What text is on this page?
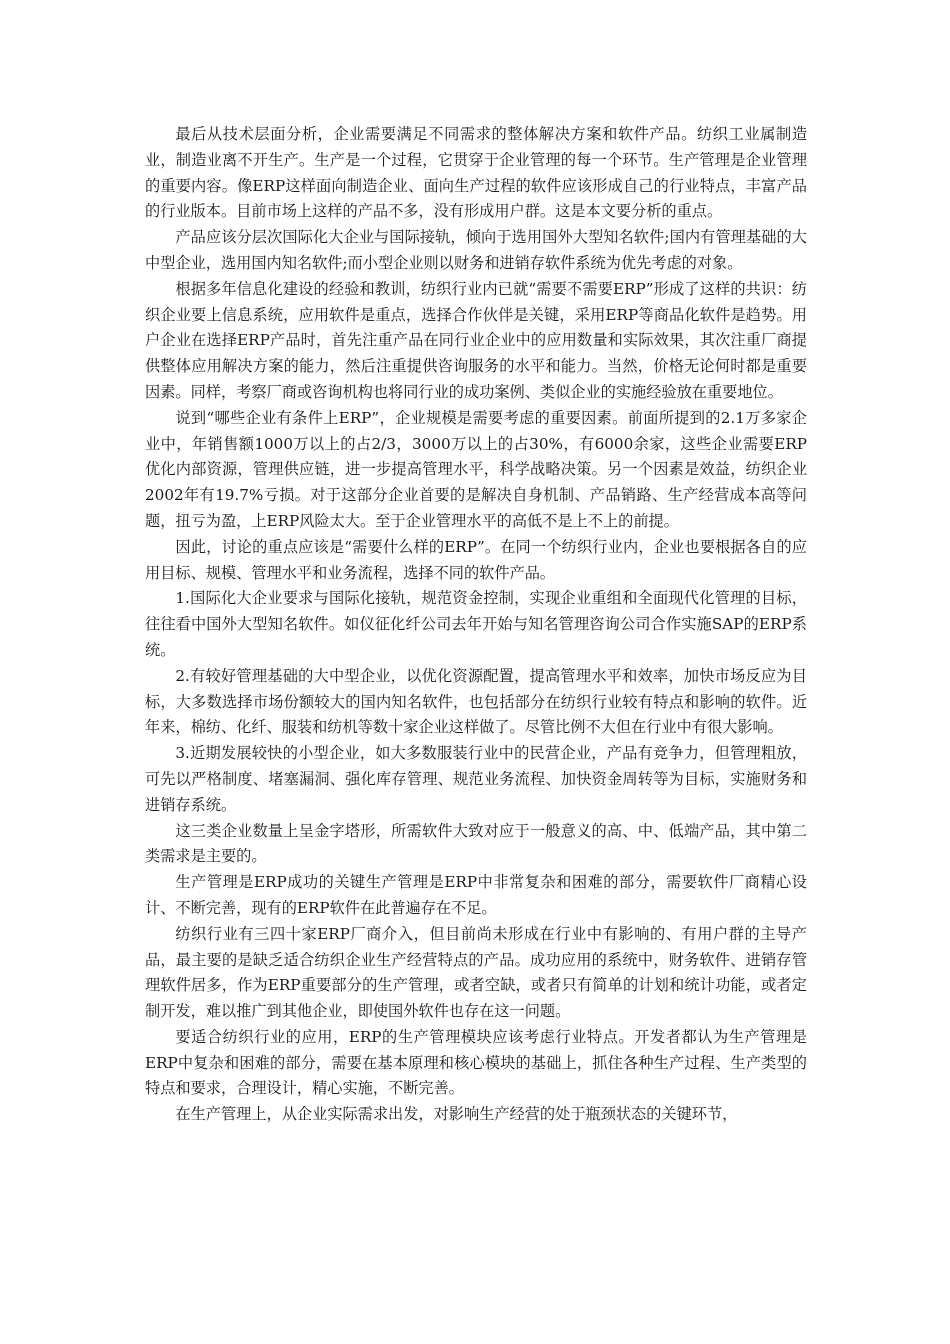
最后从技术层面分析，企业需要满足不同需求的整体解决方案和软件产品。纺织工业属制造业，制造业离不开生产。生产是一个过程，它贯穿于企业管理的每一个环节。生产管理是企业管理的重要内容。像ERP这样面向制造企业、面向生产过程的软件应该形成自己的行业特点，丰富产品的行业版本。目前市场上这样的产品不多，没有形成用户群。这是本文要分析的重点。

产品应该分层次国际化大企业与国际接轨，倾向于选用国外大型知名软件;国内有管理基础的大中型企业，选用国内知名软件;而小型企业则以财务和进销存软件系统为优先考虑的对象。

根据多年信息化建设的经验和教训，纺织行业内已就“需要不需要ERP”形成了这样的共识：纺织企业要上信息系统，应用软件是重点，选择合作伙伴是关键，采用ERP等商品化软件是趋势。用户企业在选择ERP产品时，首先注重产品在同行业企业中的应用数量和实际效果，其次注重厂商提供整体应用解决方案的能力，然后注重提供咨询服务的水平和能力。当然，价格无论何时都是重要因素。同样，考察厂商或咨询机构也将同行业的成功案例、类似企业的实施经验放在重要地位。

说到“哪些企业有条件上ERP”，企业规模是需要考虑的重要因素。前面所提到的2.1万多家企业中，年销售额1000万以上的占2/3，3000万以上的占30%，有6000余家，这些企业需要ERP优化内部资源，管理供应链，进一步提高管理水平，科学战略决策。另一个因素是效益，纺织企业2002年有19.7%亏损。对于这部分企业首要的是解决自身机制、产品销路、生产经营成本高等问题，扭亏为盈，上ERP风险太大。至于企业管理水平的高低不是上不上的前提。

因此，讨论的重点应该是“需要什么样的ERP”。在同一个纺织行业内，企业也要根据各自的应用目标、规模、管理水平和业务流程，选择不同的软件产品。

1.国际化大企业要求与国际化接轨，规范资金控制，实现企业重组和全面现代化管理的目标，往往看中国外大型知名软件。如仪征化纤公司去年开始与知名管理咨询公司合作实施SAP的ERP系统。

2.有较好管理基础的大中型企业，以优化资源配置，提高管理水平和效率，加快市场反应为目标，大多数选择市场份额较大的国内知名软件，也包括部分在纺织行业较有特点和影响的软件。近年来，棉纺、化纤、服装和纺机等数十家企业这样做了。尽管比例不大但在行业中有很大影响。

3.近期发展较快的小型企业，如大多数服装行业中的民营企业，产品有竞争力，但管理粗放，可先以严格制度、堵塞漏洞、强化库存管理、规范业务流程、加快资金周转等为目标，实施财务和进销存系统。

这三类企业数量上呈金字塔形，所需软件大致对应于一般意义的高、中、低端产品，其中第二类需求是主要的。

生产管理是ERP成功的关键生产管理是ERP中非常复杂和困难的部分，需要软件厂商精心设计、不断完善，现有的ERP软件在此普遍存在不足。

纺织行业有三四十家ERP厂商介入，但目前尚未形成在行业中有影响的、有用户群的主导产品，最主要的是缺乏适合纺织企业生产经营特点的产品。成功应用的系统中，财务软件、进销存管理软件居多，作为ERP重要部分的生产管理，或者空缺，或者只有简单的计划和统计功能，或者定制开发，难以推广到其他企业，即使国外软件也存在这一问题。

要适合纺织行业的应用，ERP的生产管理模块应该考虑行业特点。开发者都认为生产管理是ERP中复杂和困难的部分，需要在基本原理和核心模块的基础上，抓住各种生产过程、生产类型的特点和要求，合理设计，精心实施，不断完善。

在生产管理上，从企业实际需求出发，对影响生产经营的处于瓶颈状态的关键环节，
